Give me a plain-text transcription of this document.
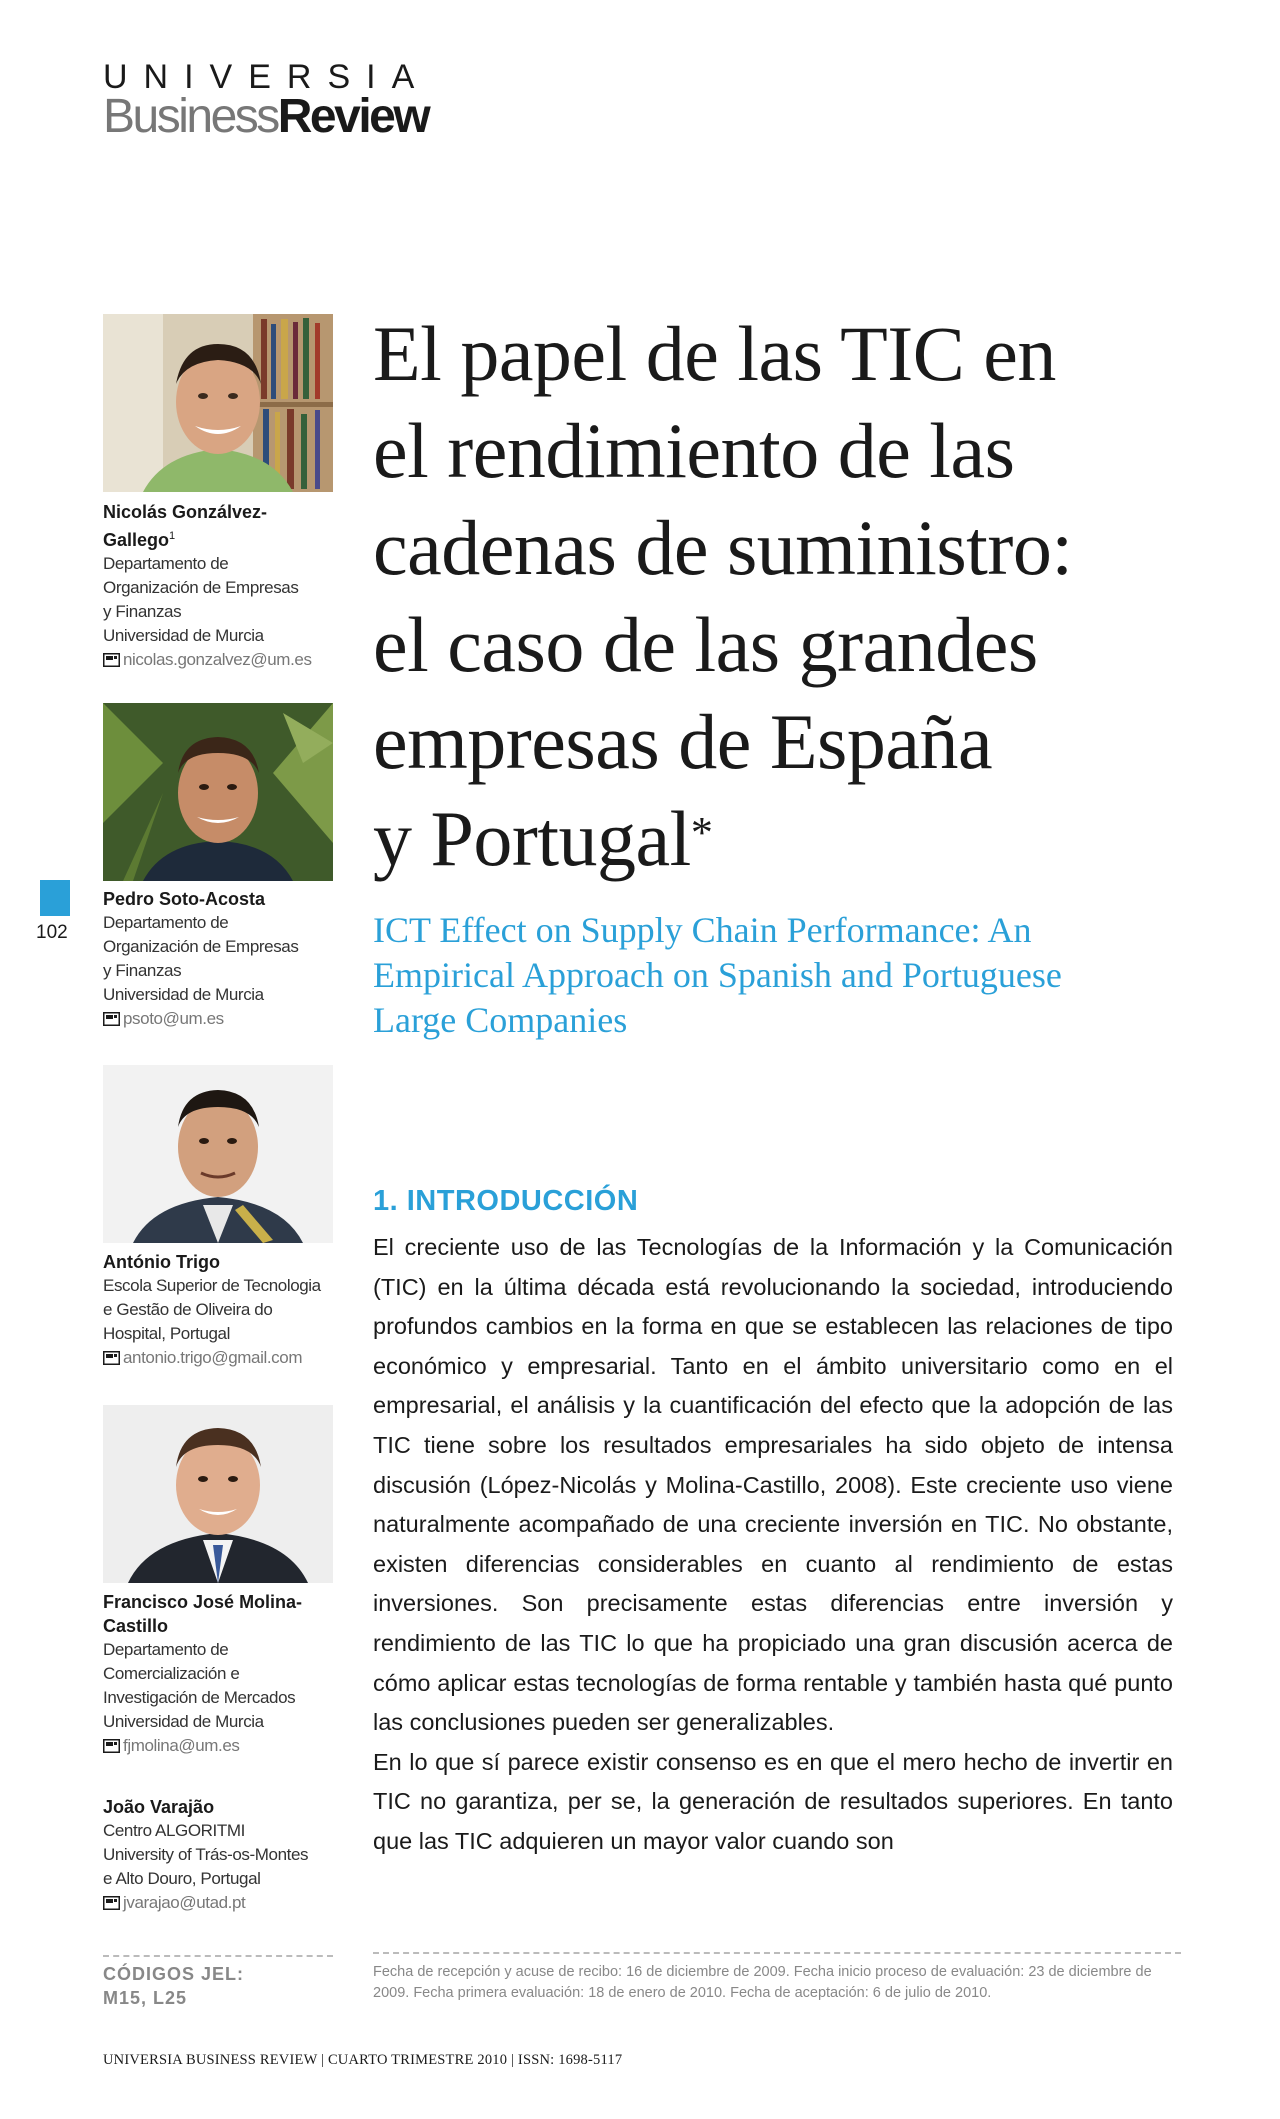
UNIVERSIA
BusinessReview
Nicolás Gonzálvez-
Gallego$^1$
Departamento de
Organización de Empresas
y Finanzas
Universidad de Murcia
nicolas.gonzalvez@um.es
Pedro Soto-Acosta
Departamento de
Organización de Empresas
y Finanzas
Universidad de Murcia
psoto@um.es
102
António Trigo
Escola Superior de Tecnologia
e Gestão de Oliveira do
Hospital, Portugal
antonio.trigo@gmail.com
Francisco José Molina-
Castillo
Departamento de
Comercialización e
Investigación de Mercados
Universidad de Murcia
fjmolina@um.es
João Varajão
Centro ALGORITMI
University of Trás-os-Montes
e Alto Douro, Portugal
jvarajao@utad.pt
El papel de las TIC en
el rendimiento de las
cadenas de suministro:
el caso de las grandes
empresas de España
y Portugal*
ICT Effect on Supply Chain Performance: An
Empirical Approach on Spanish and Portuguese
Large Companies
1. INTRODUCCIÓN

El creciente uso de las Tecnologías de la Información y la Comunicación (TIC) en la última década está revolucionando la sociedad, introduciendo profundos cambios en la forma en que se establecen las relaciones de tipo económico y empresarial. Tanto en el ámbito universitario como en el empresarial, el análisis y la cuantificación del efecto que la adopción de las TIC tiene sobre los resultados empresariales ha sido objeto de intensa discusión (López-Nicolás y Molina-Castillo, 2008). Este creciente uso viene naturalmente acompañado de una creciente inversión en TIC. No obstante, existen diferencias considerables en cuanto al rendimiento de estas inversiones. Son precisamente estas diferencias entre inversión y rendimiento de las TIC lo que ha propiciado una gran discusión acerca de cómo aplicar estas tecnologías de forma rentable y también hasta qué punto las conclusiones pueden ser generalizables.

En lo que sí parece existir consenso es en que el mero hecho de invertir en TIC no garantiza, per se, la generación de resultados superiores. En tanto que las TIC adquieren un mayor valor cuando son

CÓDIGOS JEL:
M15, L25
Fecha de recepción y acuse de recibo: 16 de diciembre de 2009. Fecha inicio proceso de evaluación: 23 de diciembre de 2009. Fecha primera evaluación: 18 de enero de 2010. Fecha de aceptación: 6 de julio de 2010.
UNIVERSIA BUSINESS REVIEW | CUARTO TRIMESTRE 2010 | ISSN: 1698-5117
